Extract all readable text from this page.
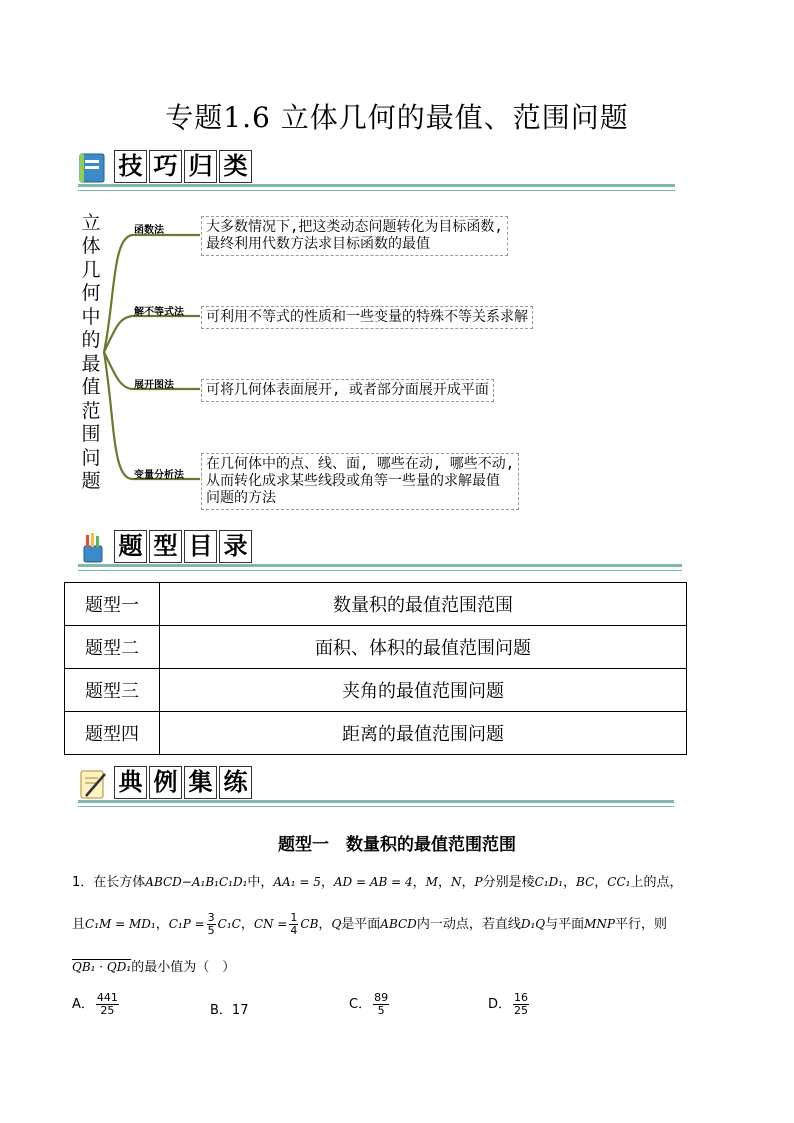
专题1.6 立体几何的最值、范围问题
技 巧 归 类
立
体
几
何
中
的
最
值
范
围
问
题
函数法
解不等式法
展开图法
变量分析法
大多数情况下,把这类动态问题转化为目标函数,
最终利用代数方法求目标函数的最值
可利用不等式的性质和一些变量的特殊不等关系求解
可将几何体表面展开, 或者部分面展开成平面
在几何体中的点、线、面, 哪些在动, 哪些不动,
从而转化成求某些线段或角等一些量的求解最值
问题的方法
题 型 目 录
题型一	数量积的最值范围范围
题型二	面积、体积的最值范围问题
题型三	夹角的最值范围问题
题型四	距离的最值范围问题
典 例 集 练
题型一　数量积的最值范围范围
1．在长方体ABCD−A₁B₁C₁D₁中，AA₁ = 5，AD = AB = 4，M，N，P分别是棱C₁D₁，BC，CC₁上的点，
且C₁M = MD₁，$C_1P = \frac{3}{5} C_1C$，CN = $\frac{1}{4}$ CB，Q是平面ABCD内一动点，若直线D₁Q与平面MNP平行，则
QB₁ · QD₁的最小值为（　）
A． $\frac{441}{25}$	B．17	C． $\frac{89}{5}$	D． $\frac{16}{25}$
